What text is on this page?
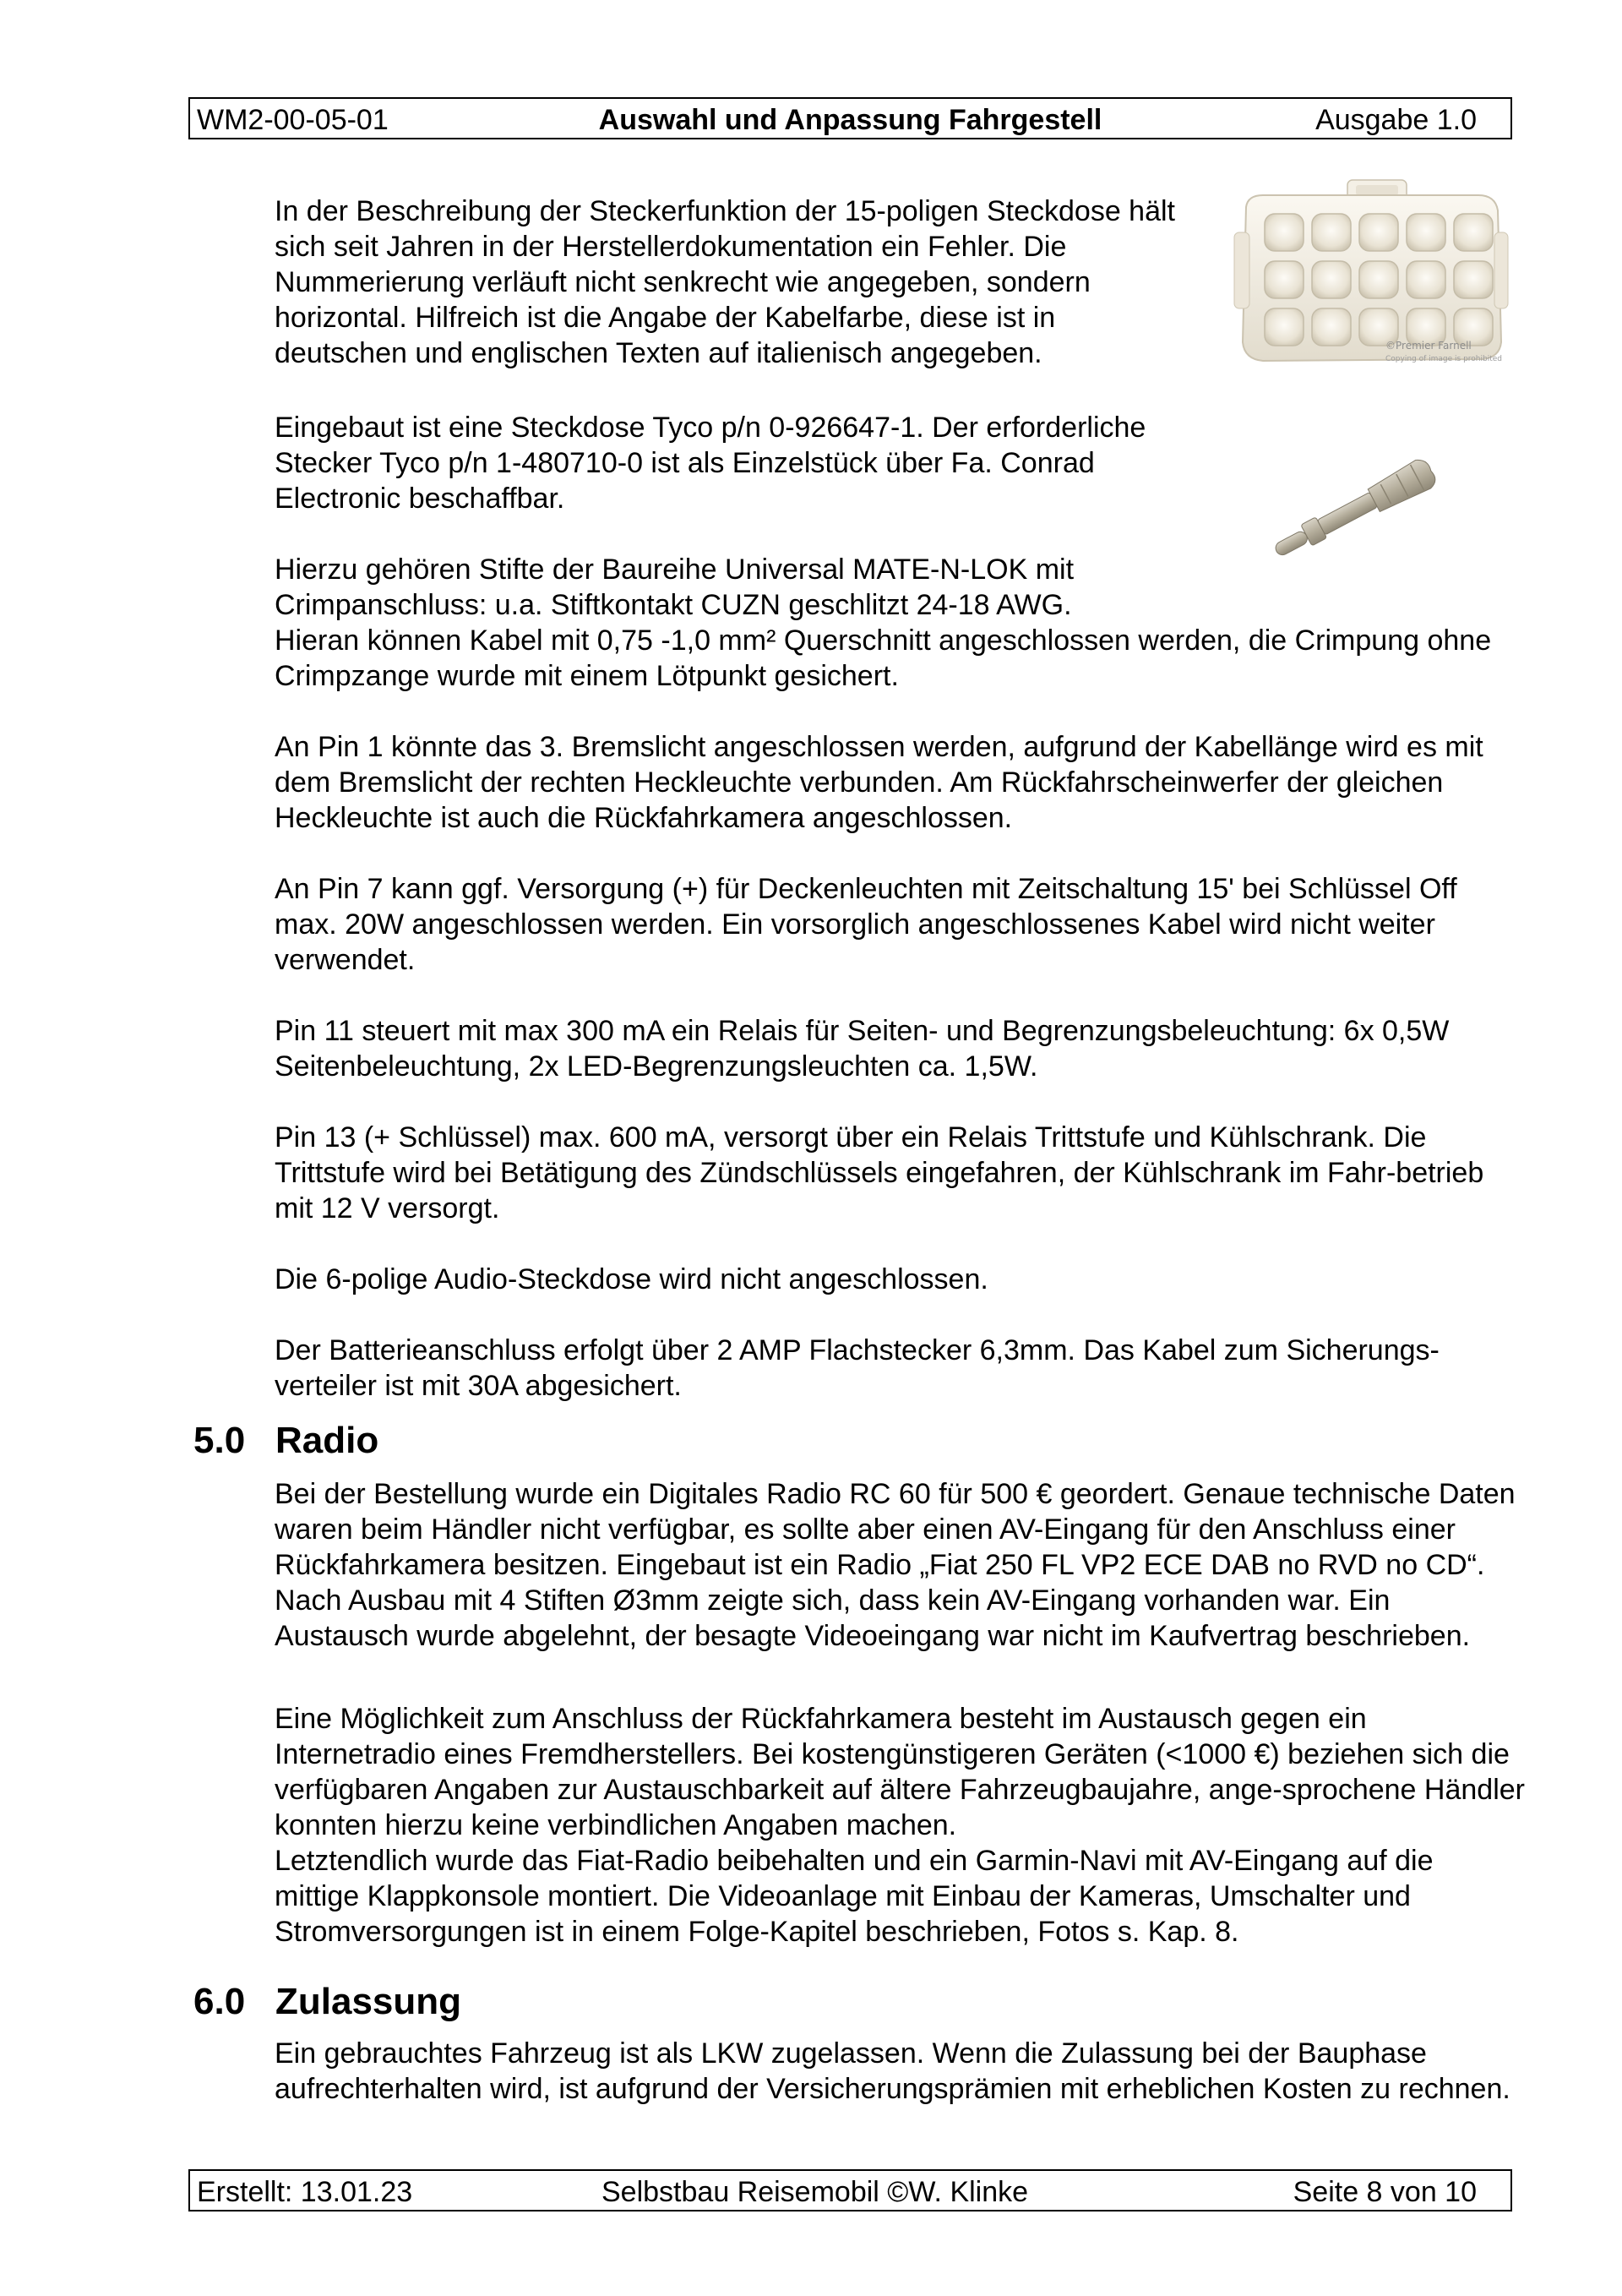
WM2-00-05-01	Auswahl und Anpassung Fahrgestell	Ausgabe 1.0

In der Beschreibung der Steckerfunktion der 15-poligen Steckdose hält sich seit Jahren in der Herstellerdokumentation ein Fehler. Die Nummerierung verläuft nicht senkrecht wie angegeben, sondern horizontal. Hilfreich ist die Angabe der Kabelfarbe, diese ist in deutschen und englischen Texten auf italienisch angegeben.

Eingebaut ist eine Steckdose Tyco p/n 0-926647-1. Der erforderliche Stecker Tyco p/n 1-480710-0 ist als Einzelstück über Fa. Conrad Electronic beschaffbar.

Hierzu gehören Stifte der Baureihe Universal MATE-N-LOK mit Crimpanschluss: u.a. Stiftkontakt CUZN geschlitzt 24-18 AWG.

Hieran können Kabel mit 0,75 -1,0 mm² Querschnitt angeschlossen werden, die Crimpung ohne Crimpzange wurde mit einem Lötpunkt gesichert.

An Pin 1 könnte das 3. Bremslicht angeschlossen werden, aufgrund der Kabellänge wird es mit dem Bremslicht der rechten Heckleuchte verbunden. Am Rückfahrscheinwerfer der gleichen Heckleuchte ist auch die Rückfahrkamera angeschlossen.

An Pin 7 kann ggf. Versorgung (+) für Deckenleuchten mit Zeitschaltung 15' bei Schlüssel Off max. 20W angeschlossen werden. Ein vorsorglich angeschlossenes Kabel wird nicht weiter verwendet.

Pin 11 steuert mit max 300 mA ein Relais für Seiten- und Begrenzungsbeleuchtung: 6x 0,5W Seitenbeleuchtung, 2x LED-Begrenzungsleuchten ca. 1,5W.

Pin 13 (+ Schlüssel) max. 600 mA, versorgt über ein Relais Trittstufe und Kühlschrank. Die Trittstufe wird bei Betätigung des Zündschlüssels eingefahren, der Kühlschrank im Fahr-betrieb mit 12 V versorgt.

Die 6-polige Audio-Steckdose wird nicht angeschlossen.

Der Batterieanschluss erfolgt über 2 AMP Flachstecker 6,3mm. Das Kabel zum Sicherungs-verteiler ist mit 30A abgesichert.

5.0 Radio

Bei der Bestellung wurde ein Digitales Radio RC 60 für 500 € geordert. Genaue technische Daten waren beim Händler nicht verfügbar, es sollte aber einen AV-Eingang für den Anschluss einer Rückfahrkamera besitzen. Eingebaut ist ein Radio „Fiat 250 FL VP2 ECE DAB no RVD no CD“. Nach Ausbau mit 4 Stiften Ø3mm zeigte sich, dass kein AV-Eingang vorhanden war. Ein Austausch wurde abgelehnt, der besagte Videoeingang war nicht im Kaufvertrag beschrieben.

Eine Möglichkeit zum Anschluss der Rückfahrkamera besteht im Austausch gegen ein Internetradio eines Fremdherstellers. Bei kostengünstigeren Geräten (<1000 €) beziehen sich die verfügbaren Angaben zur Austauschbarkeit auf ältere Fahrzeugbaujahre, ange-sprochene Händler konnten hierzu keine verbindlichen Angaben machen.

Letztendlich wurde das Fiat-Radio beibehalten und ein Garmin-Navi mit AV-Eingang auf die mittige Klappkonsole montiert. Die Videoanlage mit Einbau der Kameras, Umschalter und Stromversorgungen ist in einem Folge-Kapitel beschrieben, Fotos s. Kap. 8.

6.0 Zulassung

Ein gebrauchtes Fahrzeug ist als LKW zugelassen. Wenn die Zulassung bei der Bauphase aufrechterhalten wird, ist aufgrund der Versicherungsprämien mit erheblichen Kosten zu rechnen.

©Premier Farnell
Copying of image is prohibited
Erstellt: 13.01.23	Selbstbau Reisemobil ©W. Klinke	Seite 8 von 10
